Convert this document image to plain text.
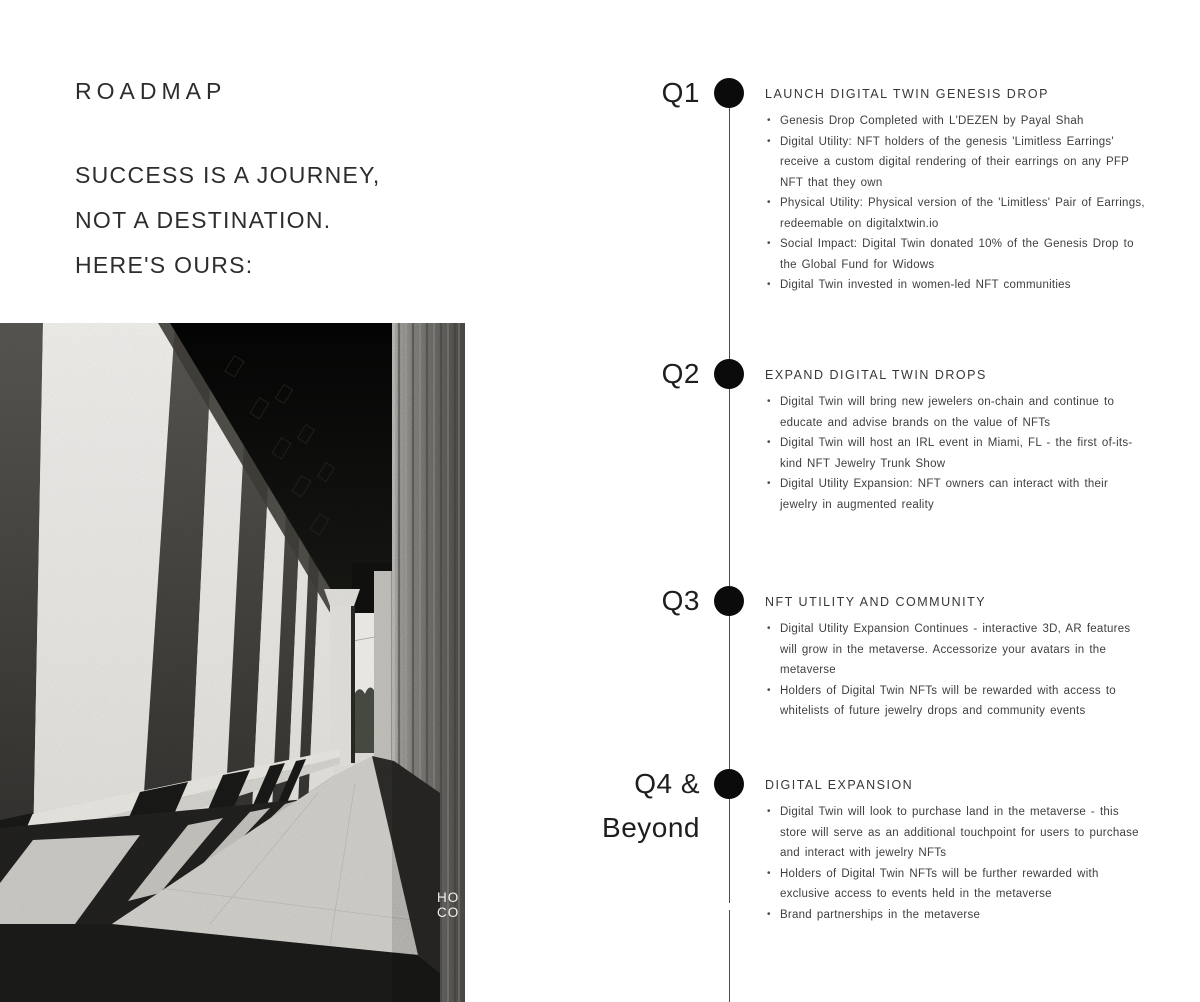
ROADMAP
SUCCESS IS A JOURNEY,
NOT A DESTINATION.
HERE'S OURS:
HO
CO
Q1	LAUNCH DIGITAL TWIN GENESIS DROP
• Genesis Drop Completed with L'DEZEN by Payal Shah
• Digital Utility: NFT holders of the genesis 'Limitless Earrings' receive a custom digital rendering of their earrings on any PFP NFT that they own
• Physical Utility: Physical version of the 'Limitless' Pair of Earrings, redeemable on digitalxtwin.io
• Social Impact: Digital Twin donated 10% of the Genesis Drop to the Global Fund for Widows
• Digital Twin invested in women-led NFT communities
Q2	EXPAND DIGITAL TWIN DROPS
• Digital Twin will bring new jewelers on-chain and continue to educate and advise brands on the value of NFTs
• Digital Twin will host an IRL event in Miami, FL - the first of-its-kind NFT Jewelry Trunk Show
• Digital Utility Expansion: NFT owners can interact with their jewelry in augmented reality
Q3	NFT UTILITY AND COMMUNITY
• Digital Utility Expansion Continues - interactive 3D, AR features will grow in the metaverse. Accessorize your avatars in the metaverse
• Holders of Digital Twin NFTs will be rewarded with access to whitelists of future jewelry drops and community events
Q4 &
Beyond
DIGITAL EXPANSION
• Digital Twin will look to purchase land in the metaverse - this store will serve as an additional touchpoint for users to purchase and interact with jewelry NFTs
• Holders of Digital Twin NFTs will be further rewarded with exclusive access to events held in the metaverse
• Brand partnerships in the metaverse
